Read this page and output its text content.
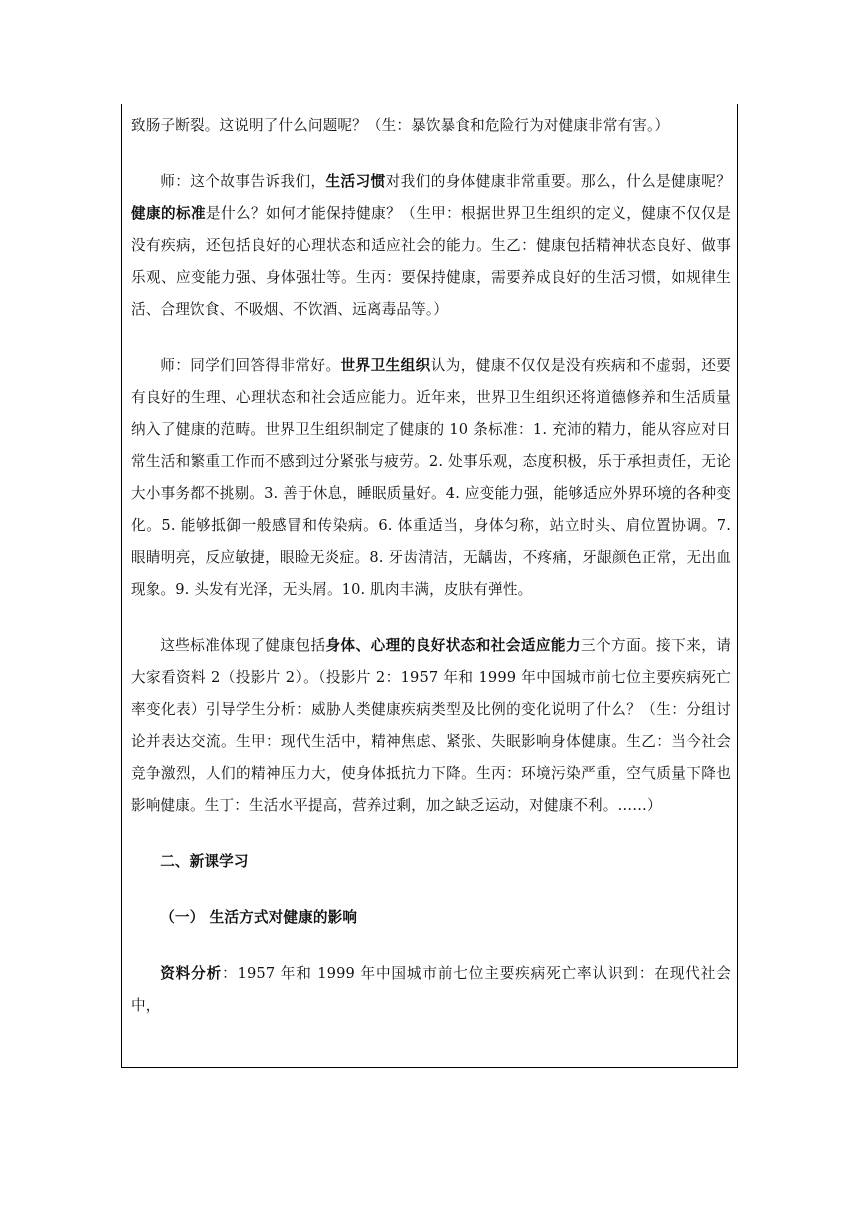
致肠子断裂。这说明了什么问题呢？（生：暴饮暴食和危险行为对健康非常有害。）

师：这个故事告诉我们，生活习惯对我们的身体健康非常重要。那么，什么是健康呢？健康的标准是什么？如何才能保持健康？（生甲：根据世界卫生组织的定义，健康不仅仅是没有疾病，还包括良好的心理状态和适应社会的能力。生乙：健康包括精神状态良好、做事乐观、应变能力强、身体强壮等。生丙：要保持健康，需要养成良好的生活习惯，如规律生活、合理饮食、不吸烟、不饮酒、远离毒品等。）

师：同学们回答得非常好。世界卫生组织认为，健康不仅仅是没有疾病和不虚弱，还要有良好的生理、心理状态和社会适应能力。近年来，世界卫生组织还将道德修养和生活质量纳入了健康的范畴。世界卫生组织制定了健康的 10 条标准：1. 充沛的精力，能从容应对日常生活和繁重工作而不感到过分紧张与疲劳。2. 处事乐观，态度积极，乐于承担责任，无论大小事务都不挑剔。3. 善于休息，睡眠质量好。4. 应变能力强，能够适应外界环境的各种变化。5. 能够抵御一般感冒和传染病。6. 体重适当，身体匀称，站立时头、肩位置协调。7. 眼睛明亮，反应敏捷，眼睑无炎症。8. 牙齿清洁，无龋齿，不疼痛，牙龈颜色正常，无出血现象。9. 头发有光泽，无头屑。10. 肌肉丰满，皮肤有弹性。

这些标准体现了健康包括身体、心理的良好状态和社会适应能力三个方面。接下来，请大家看资料 2（投影片 2）。（投影片 2：1957 年和 1999 年中国城市前七位主要疾病死亡率变化表）引导学生分析：威胁人类健康疾病类型及比例的变化说明了什么？（生：分组讨论并表达交流。生甲：现代生活中，精神焦虑、紧张、失眠影响身体健康。生乙：当今社会竞争激烈，人们的精神压力大，使身体抵抗力下降。生丙：环境污染严重，空气质量下降也影响健康。生丁：生活水平提高，营养过剩，加之缺乏运动，对健康不利。……）

二、新课学习

（一） 生活方式对健康的影响

资料分析：1957 年和 1999 年中国城市前七位主要疾病死亡率认识到：在现代社会中，
